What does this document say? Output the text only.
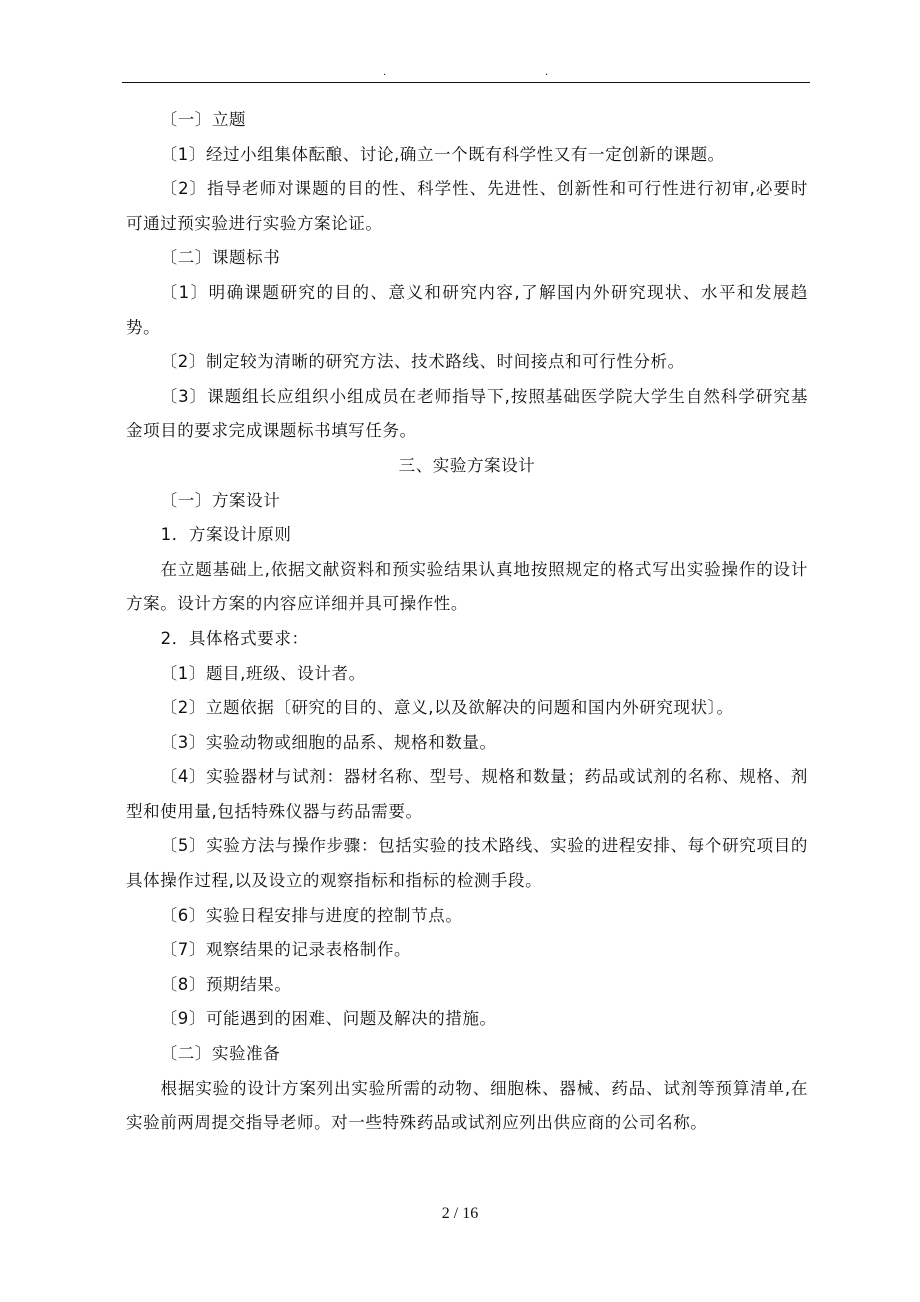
.	.

〔一〕立题

〔1〕经过小组集体酝酿、讨论,确立一个既有科学性又有一定创新的课题。

〔2〕指导老师对课题的目的性、科学性、先进性、创新性和可行性进行初审,必要时可通过预实验进行实验方案论证。

〔二〕课题标书

〔1〕明确课题研究的目的、意义和研究内容,了解国内外研究现状、水平和发展趋势。

〔2〕制定较为清晰的研究方法、技术路线、时间接点和可行性分析。

〔3〕课题组长应组织小组成员在老师指导下,按照基础医学院大学生自然科学研究基金项目的要求完成课题标书填写任务。

三、实验方案设计

〔一〕方案设计

1．方案设计原则

在立题基础上,依据文献资料和预实验结果认真地按照规定的格式写出实验操作的设计方案。设计方案的内容应详细并具可操作性。

2．具体格式要求：

〔1〕题目,班级、设计者。

〔2〕立题依据〔研究的目的、意义,以及欲解决的问题和国内外研究现状〕。

〔3〕实验动物或细胞的品系、规格和数量。

〔4〕实验器材与试剂：器材名称、型号、规格和数量；药品或试剂的名称、规格、剂型和使用量,包括特殊仪器与药品需要。

〔5〕实验方法与操作步骤：包括实验的技术路线、实验的进程安排、每个研究项目的具体操作过程,以及设立的观察指标和指标的检测手段。

〔6〕实验日程安排与进度的控制节点。

〔7〕观察结果的记录表格制作。

〔8〕预期结果。

〔9〕可能遇到的困难、问题及解决的措施。

〔二〕实验准备

根据实验的设计方案列出实验所需的动物、细胞株、器械、药品、试剂等预算清单,在实验前两周提交指导老师。对一些特殊药品或试剂应列出供应商的公司名称。

2 / 16
